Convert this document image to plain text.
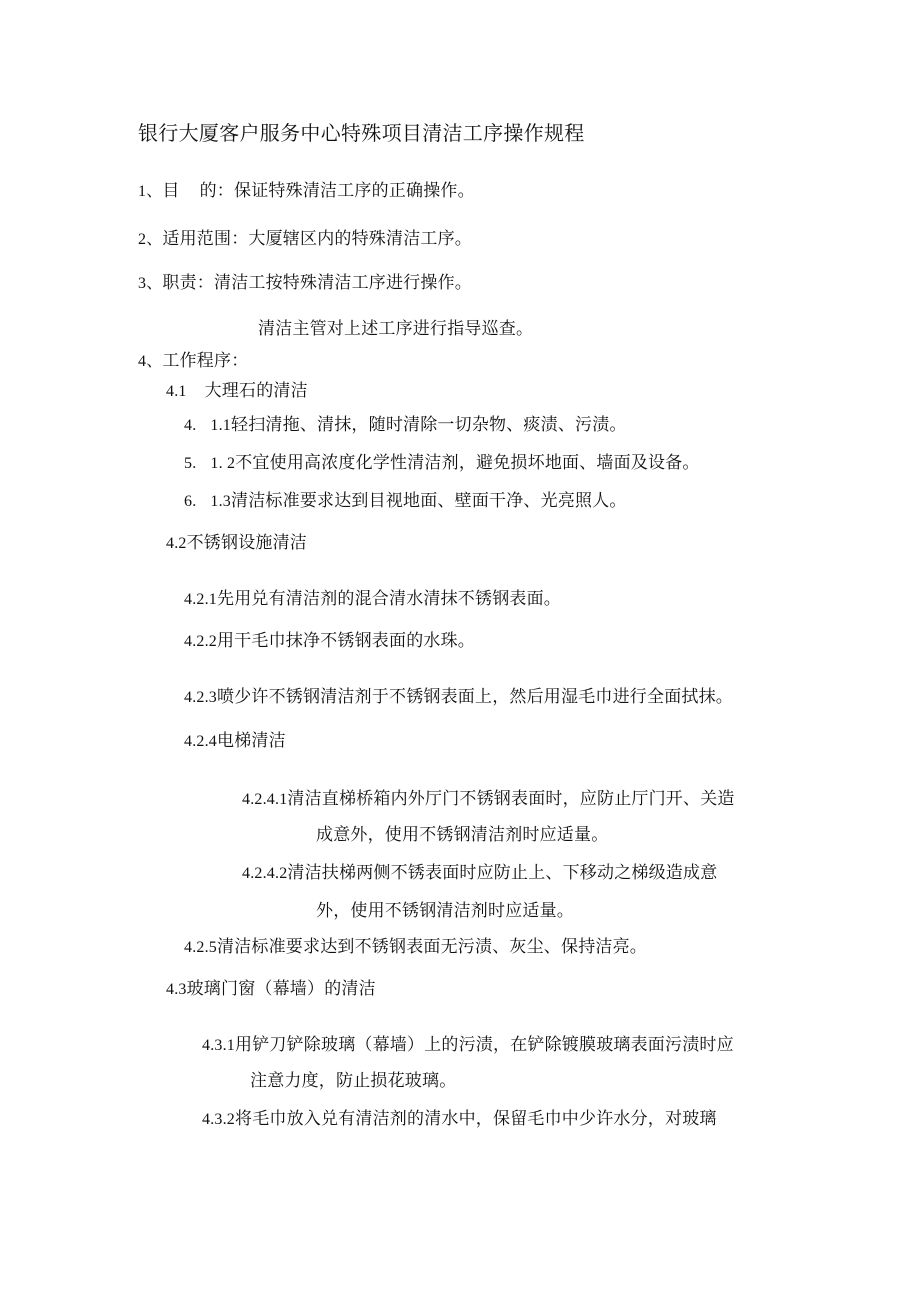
银行大厦客户服务中心特殊项目清洁工序操作规程
1、目 的：保证特殊清洁工序的正确操作。
2、适用范围：大厦辖区内的特殊清洁工序。
3、职责：清洁工按特殊清洁工序进行操作。
清洁主管对上述工序进行指导巡查。
4、工作程序：
4.1 大理石的清洁
4. 1.1轻扫清拖、清抹，随时清除一切杂物、痰渍、污渍。
5. 1. 2不宜使用高浓度化学性清洁剂，避免损坏地面、墙面及设备。
6. 1.3清洁标准要求达到目视地面、壁面干净、光亮照人。
4.2不锈钢设施清洁
4.2.1先用兑有清洁剂的混合清水清抹不锈钢表面。
4.2.2用干毛巾抹净不锈钢表面的水珠。
4.2.3喷少许不锈钢清洁剂于不锈钢表面上，然后用湿毛巾进行全面拭抹。
4.2.4电梯清洁
4.2.4.1清洁直梯桥箱内外厅门不锈钢表面时，应防止厅门开、关造
成意外，使用不锈钢清洁剂时应适量。
4.2.4.2清洁扶梯两侧不锈表面时应防止上、下移动之梯级造成意
外，使用不锈钢清洁剂时应适量。
4.2.5清洁标准要求达到不锈钢表面无污渍、灰尘、保持洁亮。
4.3玻璃门窗（幕墙）的清洁
4.3.1用铲刀铲除玻璃（幕墙）上的污渍，在铲除镀膜玻璃表面污渍时应
注意力度，防止损花玻璃。
4.3.2将毛巾放入兑有清洁剂的清水中，保留毛巾中少许水分，对玻璃
